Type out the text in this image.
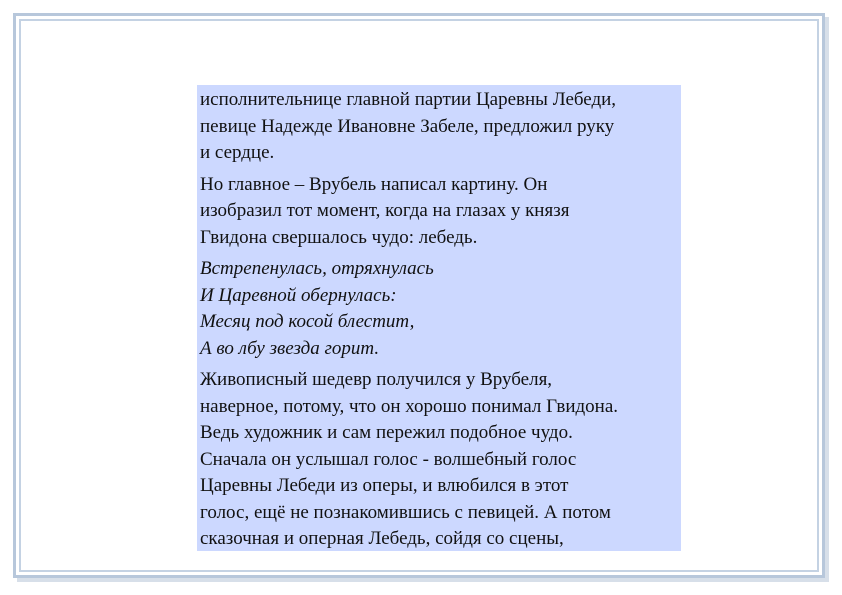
исполнительнице главной партии Царевны Лебеди,
певице Надежде Ивановне Забеле, предложил руку
и сердце.
Но главное – Врубель написал картину. Он
изобразил тот момент, когда на глазах у князя
Гвидона свершалось чудо: лебедь.
Встрепенулась, отряхнулась
И Царевной обернулась:
Месяц под косой блестит,
А во лбу звезда горит.
Живописный шедевр получился у Врубеля,
наверное, потому, что он хорошо понимал Гвидона.
Ведь художник и сам пережил подобное чудо.
Сначала он услышал голос - волшебный голос
Царевны Лебеди из оперы, и влюбился в этот
голос, ещё не познакомившись с певицей. А потом
сказочная и оперная Лебедь, сойдя со сцены,
